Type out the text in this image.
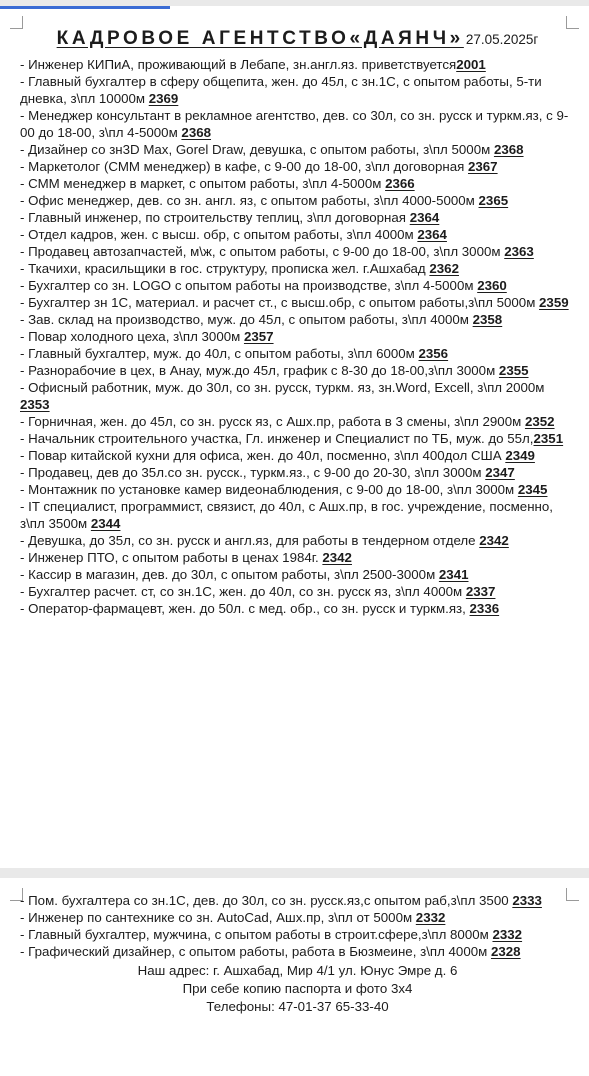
КАДРОВОЕ АГЕНТСТВО«ДАЯНЧ» 27.05.2025г
- Инженер КИПиА, проживающий в Лебапе, зн.англ.яз. приветствуется2001
- Главный бухгалтер в сферу общепита, жен. до 45л, с зн.1С, с опытом работы, 5-ти дневка, з\пл 10000м 2369
- Менеджер консультант в рекламное агентство, дев. со 30л, со зн. русск и туркм.яз, с 9-00 до 18-00, з\пл 4-5000м 2368
- Дизайнер со зн3D Max, Gorel Draw, девушка, с опытом работы, з\пл 5000м 2368
- Маркетолог (СММ менеджер) в кафе, с 9-00 до 18-00, з\пл договорная 2367
- СММ менеджер в маркет, с опытом работы, з\пл 4-5000м 2366
- Офис менеджер, дев. со зн. англ. яз, с опытом работы, з\пл 4000-5000м 2365
- Главный инженер, по строительству теплиц, з\пл договорная 2364
- Отдел кадров, жен. с высш. обр, с опытом работы, з\пл 4000м 2364
- Продавец автозапчастей, м\ж, с опытом работы, с 9-00 до 18-00, з\пл 3000м 2363
- Ткачихи, красильщики в гос. структуру, прописка жел. г.Ашхабад 2362
- Бухгалтер со зн. LOGO с опытом работы на производстве, з\пл 4-5000м 2360
- Бухгалтер зн 1С, материал. и расчет ст., с высш.обр, с опытом работы,з\пл 5000м 2359
- Зав. склад на производство, муж. до 45л, с опытом работы, з\пл 4000м 2358
- Повар холодного цеха, з\пл 3000м 2357
- Главный бухгалтер, муж. до 40л, с опытом работы, з\пл 6000м 2356
- Разнорабочие в цех, в Анау, муж.до 45л, график с 8-30 до 18-00,з\пл 3000м 2355
- Офисный работник, муж. до 30л, со зн. русск, туркм. яз, зн.Word, Excell, з\пл 2000м 2353
- Горничная, жен. до 45л, со зн. русск яз, с Ашх.пр, работа в 3 смены, з\пл 2900м 2352
- Начальник строительного участка, Гл. инженер и Специалист по ТБ, муж. до 55л,2351
- Повар китайской кухни для офиса, жен. до 40л, посменно, з\пл 400дол США 2349
- Продавец, дев до 35л.со зн. русск., туркм.яз., с 9-00 до 20-30, з\пл 3000м 2347
- Монтажник по установке камер видеонаблюдения, с 9-00 до 18-00, з\пл 3000м 2345
- IT специалист, программист, связист, до 40л, с Ашх.пр, в гос. учреждение, посменно, з\пл 3500м 2344
- Девушка, до 35л, со зн. русск и англ.яз, для работы в тендерном отделе 2342
- Инженер ПТО, с опытом работы в ценах 1984г. 2342
- Кассир в магазин, дев. до 30л, с опытом работы, з\пл 2500-3000м 2341
- Бухгалтер расчет. ст, со зн.1С, жен. до 40л, со зн. русск яз, з\пл 4000м 2337
- Оператор-фармацевт, жен. до 50л. с мед. обр., со зн. русск и туркм.яз, 2336
- Пом. бухгалтера со зн.1С, дев. до 30л, со зн. русск.яз,с опытом раб,з\пл 3500 2333
- Инженер по сантехнике со зн. AutoCad, Ашх.пр, з\пл от 5000м 2332
- Главный бухгалтер, мужчина, с опытом работы в строит.сфере,з\пл 8000м 2332
- Графический дизайнер, с опытом работы, работа в Бюзмеине, з\пл 4000м 2328
Наш адрес: г. Ашхабад, Мир 4/1 ул. Юнус Эмре д. 6
При себе копию паспорта и фото 3х4
Телефоны: 47-01-37 65-33-40
